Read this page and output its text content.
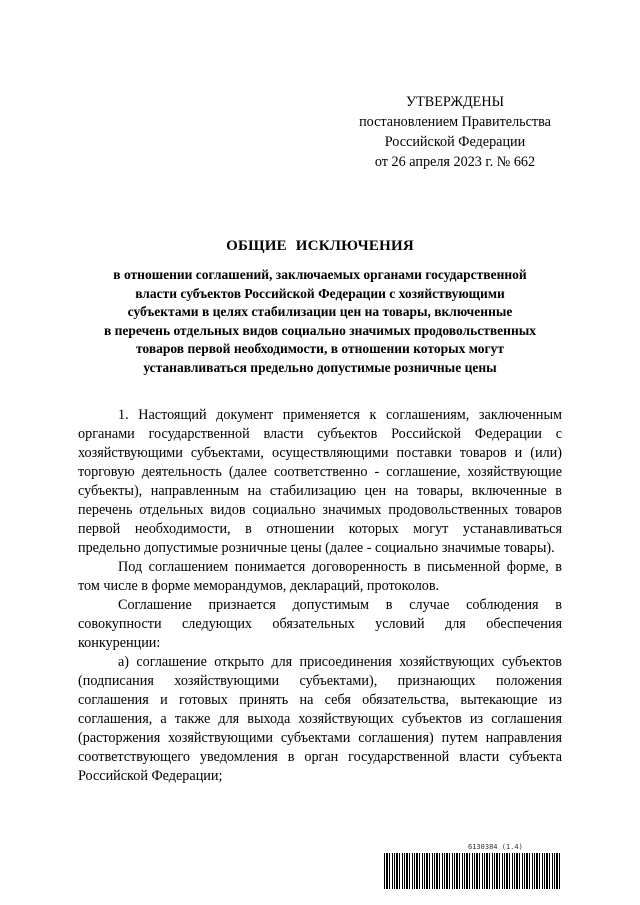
УТВЕРЖДЕНЫ
постановлением Правительства
Российской Федерации
от 26 апреля 2023 г. № 662
ОБЩИЕ ИСКЛЮЧЕНИЯ
в отношении соглашений, заключаемых органами государственной
власти субъектов Российской Федерации с хозяйствующими
субъектами в целях стабилизации цен на товары, включенные
в перечень отдельных видов социально значимых продовольственных
товаров первой необходимости, в отношении которых могут
устанавливаться предельно допустимые розничные цены

1. Настоящий документ применяется к соглашениям, заключенным органами государственной власти субъектов Российской Федерации с хозяйствующими субъектами, осуществляющими поставки товаров и (или) торговую деятельность (далее соответственно - соглашение, хозяйствующие субъекты), направленным на стабилизацию цен на товары, включенные в перечень отдельных видов социально значимых продовольственных товаров первой необходимости, в отношении которых могут устанавливаться предельно допустимые розничные цены (далее - социально значимые товары).

Под соглашением понимается договоренность в письменной форме, в том числе в форме меморандумов, деклараций, протоколов.

Соглашение признается допустимым в случае соблюдения в совокупности следующих обязательных условий для обеспечения конкуренции:

а) соглашение открыто для присоединения хозяйствующих субъектов (подписания хозяйствующими субъектами), признающих положения соглашения и готовых принять на себя обязательства, вытекающие из соглашения, а также для выхода хозяйствующих субъектов из соглашения (расторжения хозяйствующими субъектами соглашения) путем направления соответствующего уведомления в орган государственной власти субъекта Российской Федерации;

6130384 (1.4)
